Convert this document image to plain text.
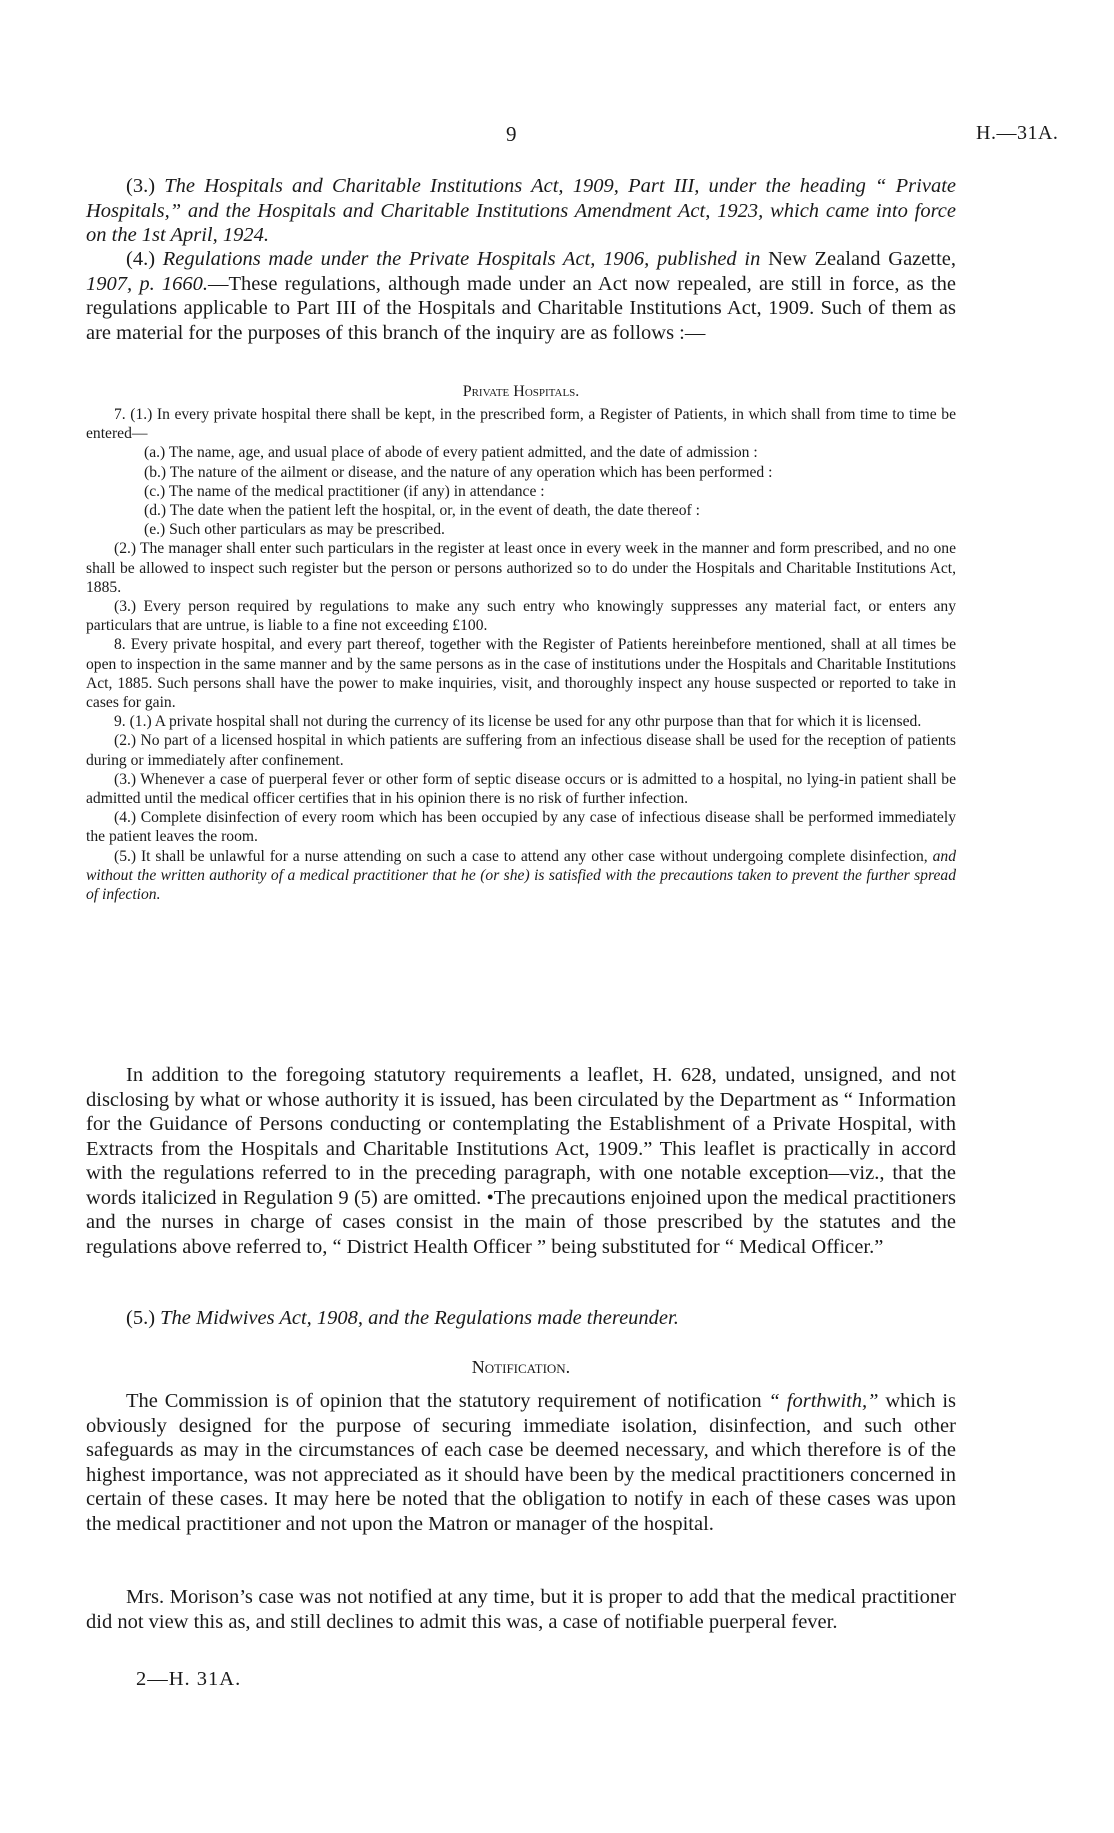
9	H.—31A.

(3.) The Hospitals and Charitable Institutions Act, 1909, Part III, under the heading “ Private Hospitals,” and the Hospitals and Charitable Institutions Amendment Act, 1923, which came into force on the 1st April, 1924.

(4.) Regulations made under the Private Hospitals Act, 1906, published in New Zealand Gazette, 1907, p. 1660.—These regulations, although made under an Act now repealed, are still in force, as the regulations applicable to Part III of the Hospitals and Charitable Institutions Act, 1909. Such of them as are material for the purposes of this branch of the inquiry are as follows :—

Private Hospitals.

7. (1.) In every private hospital there shall be kept, in the prescribed form, a Register of Patients, in which shall from time to time be entered—

(a.) The name, age, and usual place of abode of every patient admitted, and the date of admission :

(b.) The nature of the ailment or disease, and the nature of any operation which has been performed :

(c.) The name of the medical practitioner (if any) in attendance :

(d.) The date when the patient left the hospital, or, in the event of death, the date thereof :

(e.) Such other particulars as may be prescribed.

(2.) The manager shall enter such particulars in the register at least once in every week in the manner and form prescribed, and no one shall be allowed to inspect such register but the person or persons authorized so to do under the Hospitals and Charitable Institutions Act, 1885.

(3.) Every person required by regulations to make any such entry who knowingly suppresses any material fact, or enters any particulars that are untrue, is liable to a fine not exceeding £100.

8. Every private hospital, and every part thereof, together with the Register of Patients hereinbefore mentioned, shall at all times be open to inspection in the same manner and by the same persons as in the case of institutions under the Hospitals and Charitable Institutions Act, 1885. Such persons shall have the power to make inquiries, visit, and thoroughly inspect any house suspected or reported to take in cases for gain.

9. (1.) A private hospital shall not during the currency of its license be used for any othr purpose than that for which it is licensed.

(2.) No part of a licensed hospital in which patients are suffering from an infectious disease shall be used for the reception of patients during or immediately after confinement.

(3.) Whenever a case of puerperal fever or other form of septic disease occurs or is admitted to a hospital, no lying-in patient shall be admitted until the medical officer certifies that in his opinion there is no risk of further infection.

(4.) Complete disinfection of every room which has been occupied by any case of infectious disease shall be performed immediately the patient leaves the room.

(5.) It shall be unlawful for a nurse attending on such a case to attend any other case without undergoing complete disinfection, and without the written authority of a medical practitioner that he (or she) is satisfied with the precautions taken to prevent the further spread of infection.

In addition to the foregoing statutory requirements a leaflet, H. 628, undated, unsigned, and not disclosing by what or whose authority it is issued, has been circulated by the Department as “ Information for the Guidance of Persons conducting or contemplating the Establishment of a Private Hospital, with Extracts from the Hospitals and Charitable Institutions Act, 1909.” This leaflet is practically in accord with the regulations referred to in the preceding paragraph, with one notable exception—viz., that the words italicized in Regulation 9 (5) are omitted. •The precautions enjoined upon the medical practitioners and the nurses in charge of cases consist in the main of those prescribed by the statutes and the regulations above referred to, “ District Health Officer ” being substituted for “ Medical Officer.”

(5.) The Midwives Act, 1908, and the Regulations made thereunder.

Notification.

The Commission is of opinion that the statutory requirement of notification “ forthwith,” which is obviously designed for the purpose of securing immediate isolation, disinfection, and such other safeguards as may in the circumstances of each case be deemed necessary, and which therefore is of the highest importance, was not appreciated as it should have been by the medical practitioners concerned in certain of these cases. It may here be noted that the obligation to notify in each of these cases was upon the medical practitioner and not upon the Matron or manager of the hospital.

Mrs. Morison’s case was not notified at any time, but it is proper to add that the medical practitioner did not view this as, and still declines to admit this was, a case of notifiable puerperal fever.

2—H. 31A.
